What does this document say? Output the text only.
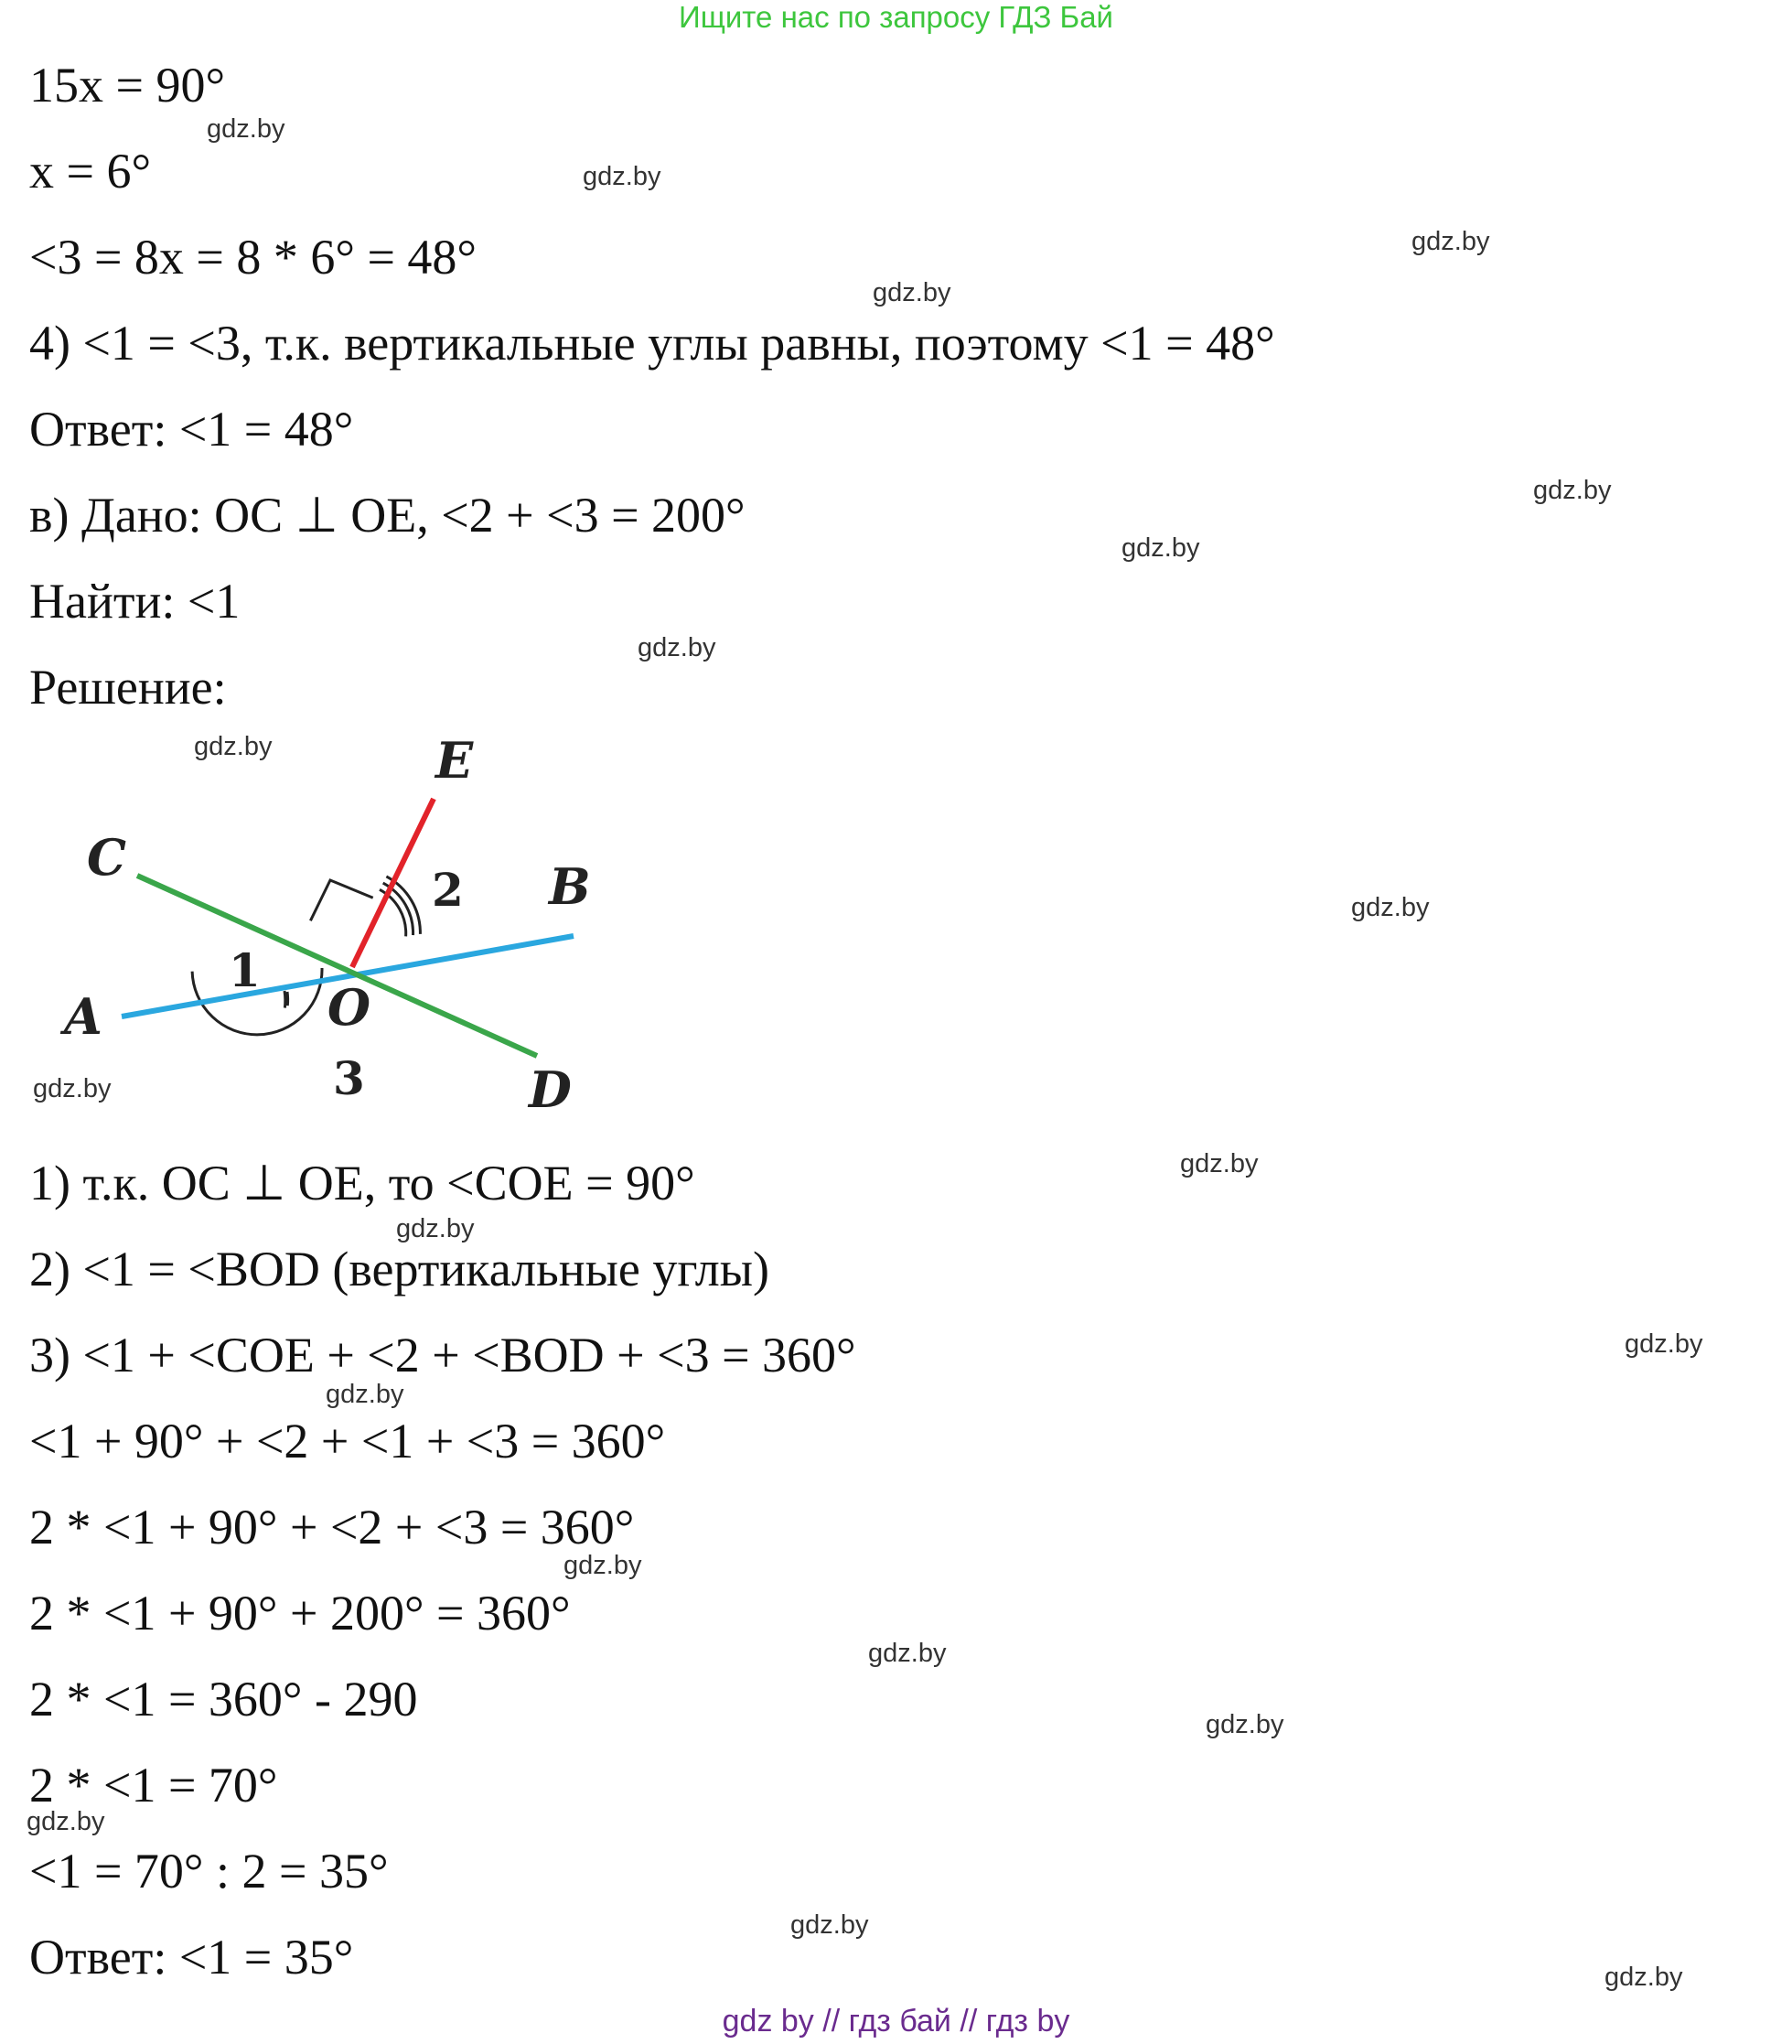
Ищите нас по запросу ГДЗ Бай
15x = 90°
x = 6°
<3 = 8x = 8 * 6° = 48°
4) <1 = <3, т.к. вертикальные углы равны, поэтому <1 = 48°
Ответ: <1 = 48°
в) Дано: OC ⊥ OE, <2 + <3 = 200°
Найти: <1
Решение:
1) т.к. OC ⊥ OE, то <COE = 90°
2) <1 = <BOD (вертикальные углы)
3) <1 + <COE + <2 + <BOD + <3 = 360°
<1 + 90° + <2 + <1 + <3 = 360°
2 * <1 + 90° + <2 + <3 = 360°
2 * <1 + 90° + 200° = 360°
2 * <1 = 360° - 290
2 * <1 = 70°
<1 = 70° : 2 = 35°
Ответ: <1 = 35°
E
C	B
A	O
D
1
2
3
gdz.by
gdz.by
gdz.by
gdz.by
gdz.by
gdz.by
gdz.by
gdz.by
gdz.by
gdz.by
gdz.by
gdz.by
gdz.by
gdz.by
gdz.by
gdz.by
gdz.by
gdz.by
gdz.by
gdz.by
gdz by // гдз бай // гдз by
